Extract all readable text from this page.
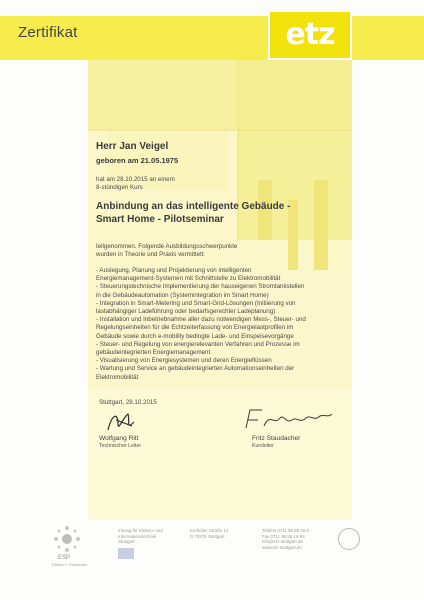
Zertifikat	etz
Herr Jan Veigel
geboren am 21.05.1975
hat am 28.10.2015 an einem
8-stündigen Kurs
Anbindung an das intelligente Gebäude -
Smart Home - Pilotseminar
teilgenommen. Folgende Ausbildungsschwerpunkte
wurden in Theorie und Praxis vermittelt:
- Auslegung, Planung und Projektierung von intelligenten
Energiemanagement-Systemen mit Schnittstelle zu Elektromobilität
- Steuerungstechnische Implementierung der hauseigenen Stromtankstellen
in die Gebäudeautomation (Systemintegration im Smart Home)
- Integration in Smart-Metering und Smart-Grid-Lösungen (Initiierung von
lastabhängiger Ladeführung oder bedarfsgerechter Ladeplanung)
- Installation und Inbetriebnahme aller dazu notwendigen Mess-, Steuer- und
Regelungseinheiten für die Echtzeiterfassung von Energielastprofilen im
Gebäude sowie durch e-mobility bedingte Lade- und Einspeisevorgänge
- Steuer- und Regelung von energierelevanten Verfahren und Prozesse im
gebäudeintegrierten Energiemanagement
- Visualisierung von Energiesystemen und deren Energieflüssen
- Wartung und Service an gebäudeintegrierten Automationseinheiten der
Elektromobilität
Stuttgart, 28.10.2015
Wolfgang Ritt
Technischer Leiter
Fritz Staudacher
Kursleiter
ESP
Elektro + Strukturen
Innung für Elektro- und
Informationstechnik
Stuttgart
Krefelder Straße 12
D 70376 Stuttgart
Telefon 0711 95 59 16-0
Fax 0711 95 59 16-55
info@etz-stuttgart.de
www.etz-stuttgart.de
